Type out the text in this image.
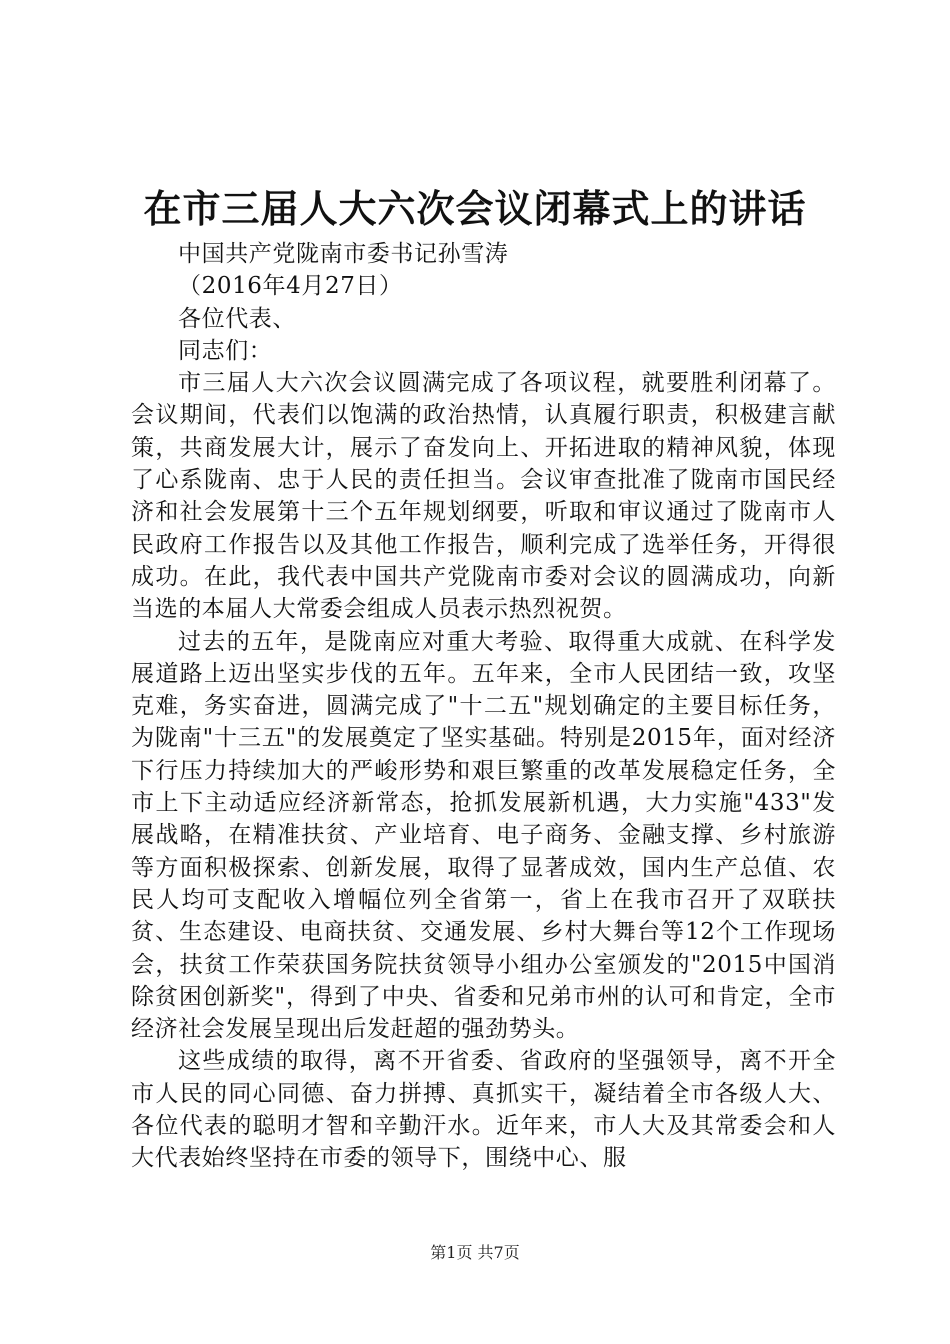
在市三届人大六次会议闭幕式上的讲话
中国共产党陇南市委书记孙雪涛
（2016年4月27日）
各位代表、
同志们：

市三届人大六次会议圆满完成了各项议程，就要胜利闭幕了。会议期间，代表们以饱满的政治热情，认真履行职责，积极建言献策，共商发展大计，展示了奋发向上、开拓进取的精神风貌，体现了心系陇南、忠于人民的责任担当。会议审查批准了陇南市国民经济和社会发展第十三个五年规划纲要，听取和审议通过了陇南市人民政府工作报告以及其他工作报告，顺利完成了选举任务，开得很成功。在此，我代表中国共产党陇南市委对会议的圆满成功，向新当选的本届人大常委会组成人员表示热烈祝贺。

过去的五年，是陇南应对重大考验、取得重大成就、在科学发展道路上迈出坚实步伐的五年。五年来，全市人民团结一致，攻坚克难，务实奋进，圆满完成了"十二五"规划确定的主要目标任务，为陇南"十三五"的发展奠定了坚实基础。特别是2015年，面对经济下行压力持续加大的严峻形势和艰巨繁重的改革发展稳定任务，全市上下主动适应经济新常态，抢抓发展新机遇，大力实施"433"发展战略，在精准扶贫、产业培育、电子商务、金融支撑、乡村旅游等方面积极探索、创新发展，取得了显著成效，国内生产总值、农民人均可支配收入增幅位列全省第一，省上在我市召开了双联扶贫、生态建设、电商扶贫、交通发展、乡村大舞台等12个工作现场会，扶贫工作荣获国务院扶贫领导小组办公室颁发的"2015中国消除贫困创新奖"，得到了中央、省委和兄弟市州的认可和肯定，全市经济社会发展呈现出后发赶超的强劲势头。

这些成绩的取得，离不开省委、省政府的坚强领导，离不开全市人民的同心同德、奋力拼搏、真抓实干，凝结着全市各级人大、各位代表的聪明才智和辛勤汗水。近年来，市人大及其常委会和人大代表始终坚持在市委的领导下，围绕中心、服

第1页 共7页
